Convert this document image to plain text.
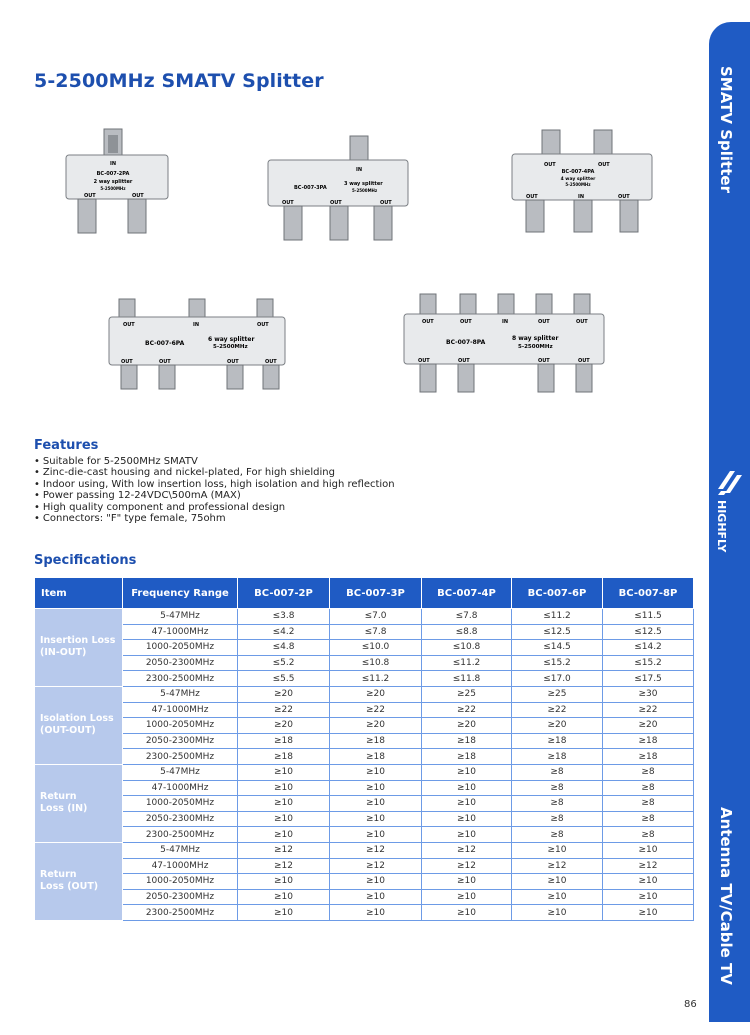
5-2500MHz SMATV Splitter	SMATV Splitter
HIGHFLY
Antenna TV/Cable TV
IN
BC-007-2PA
2 way splitter
5-2500MHz
OUT	OUT
IN
BC-007-3PA
3 way splitter
5-2500MHz
OUT	OUT	OUT
OUT	OUT
BC-007-4PA
4 way splitter
5-2500MHz
OUT	IN	OUT
OUT	IN	OUT
BC-007-6PA
6 way splitter
5-2500MHz
OUT	OUT	OUT	OUT
OUT	OUT	IN	OUT	OUT
BC-007-8PA
8 way splitter
5-2500MHz
OUT	OUT	OUT	OUT
Features
• Suitable for 5-2500MHz SMATV
• Zinc-die-cast housing and nickel-plated, For high shielding
• Indoor using, With low insertion loss, high isolation and high reflection
• Power passing 12-24VDC\500mA (MAX)
• High quality component and professional design
• Connectors: "F" type female, 75ohm
Specifications
Item	Frequency Range	BC-007-2P	BC-007-3P	BC-007-4P	BC-007-6P	BC-007-8P

Insertion Loss
(IN-OUT)	5-47MHz	≤3.8	≤7.0	≤7.8	≤11.2	≤11.5
	47-1000MHz	≤4.2	≤7.8	≤8.8	≤12.5	≤12.5
	1000-2050MHz	≤4.8	≤10.0	≤10.8	≤14.5	≤14.2
	2050-2300MHz	≤5.2	≤10.8	≤11.2	≤15.2	≤15.2
	2300-2500MHz	≤5.5	≤11.2	≤11.8	≤17.0	≤17.5

Isolation Loss
(OUT-OUT)	5-47MHz	≥20	≥20	≥25	≥25	≥30
	47-1000MHz	≥22	≥22	≥22	≥22	≥22
	1000-2050MHz	≥20	≥20	≥20	≥20	≥20
	2050-2300MHz	≥18	≥18	≥18	≥18	≥18
	2300-2500MHz	≥18	≥18	≥18	≥18	≥18

Return
Loss (IN)	5-47MHz	≥10	≥10	≥10	≥8	≥8
	47-1000MHz	≥10	≥10	≥10	≥8	≥8
	1000-2050MHz	≥10	≥10	≥10	≥8	≥8
	2050-2300MHz	≥10	≥10	≥10	≥8	≥8
	2300-2500MHz	≥10	≥10	≥10	≥8	≥8

Return
Loss (OUT)	5-47MHz	≥12	≥12	≥12	≥10	≥10
	47-1000MHz	≥12	≥12	≥12	≥12	≥12
	1000-2050MHz	≥10	≥10	≥10	≥10	≥10
	2050-2300MHz	≥10	≥10	≥10	≥10	≥10
	2300-2500MHz	≥10	≥10	≥10	≥10	≥10
86
